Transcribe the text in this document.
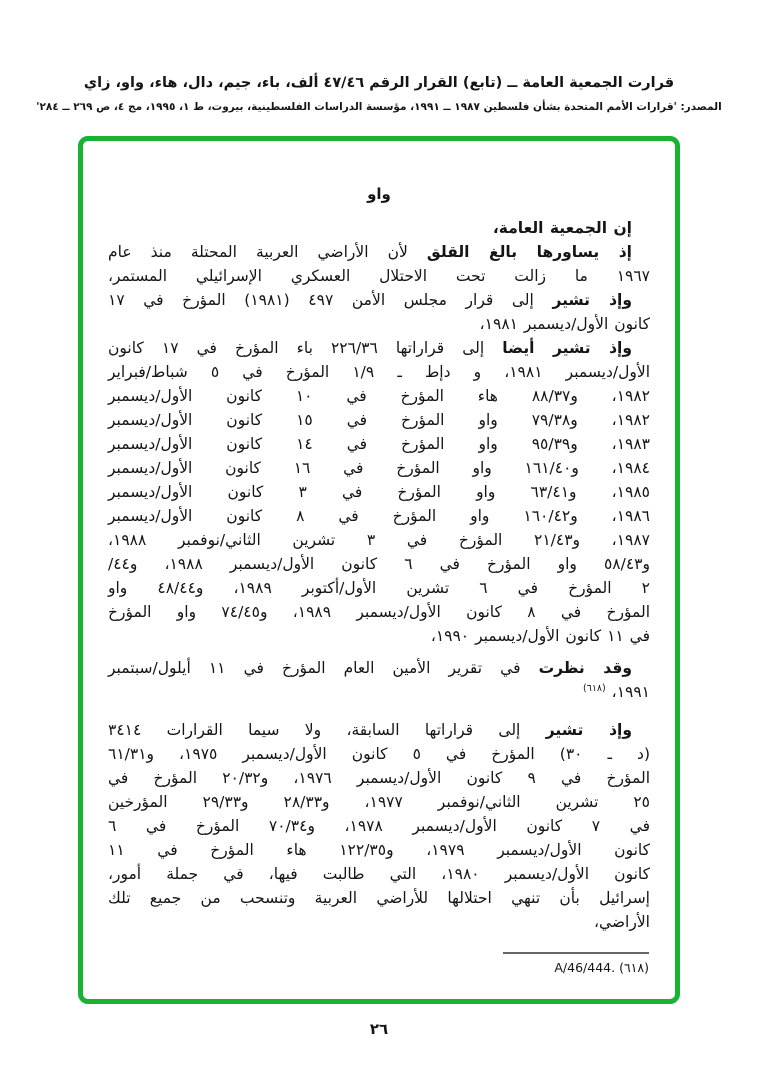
قرارت الجمعية العامة ــ (تابع) القرار الرقم ٤٧/٤٦ ألف، باء، جيم، دال، هاء، واو، زاي
المصدر: 'قرارات الأمم المتحدة بشأن فلسطين ١٩٨٧ ــ ١٩٩١، مؤسسة الدراسات الفلسطينية، بيروت، ط ١، ١٩٩٥، مج ٤، ص ٢٦٩ ــ ٢٨٤'
واو
إن الجمعية العامة،
إذ يساورها بالغ القلق لأن الأراضي العربية المحتلة منذ عام
١٩٦٧ ما زالت تحت الاحتلال العسكري الإسرائيلي المستمر،
وإذ تشير إلى قرار مجلس الأمن ٤٩٧ (١٩٨١) المؤرخ في ١٧
كانون الأول/ديسمبر ١٩٨١،
وإذ تشير أيضا إلى قراراتها ٢٢٦/٣٦ باء المؤرخ في ١٧ كانون
الأول/ديسمبر ١٩٨١، و دإط ـ ١/٩ المؤرخ في ٥ شباط/فبراير
١٩٨٢، و٨٨/٣٧ هاء المؤرخ في ١٠ كانون الأول/ديسمبر
١٩٨٢، و٧٩/٣٨ واو المؤرخ في ١٥ كانون الأول/ديسمبر
١٩٨٣، و٩٥/٣٩ واو المؤرخ في ١٤ كانون الأول/ديسمبر
١٩٨٤، و١٦١/٤٠ واو المؤرخ في ١٦ كانون الأول/ديسمبر
١٩٨٥، و٦٣/٤١ واو المؤرخ في ٣ كانون الأول/ديسمبر
١٩٨٦، و١٦٠/٤٢ واو المؤرخ في ٨ كانون الأول/ديسمبر
١٩٨٧، و٢١/٤٣ المؤرخ في ٣ تشرين الثاني/نوفمبر ١٩٨٨،
و٥٨/٤٣ واو المؤرخ في ٦ كانون الأول/ديسمبر ١٩٨٨، و٤٤/
٢ المؤرخ في ٦ تشرين الأول/أكتوبر ١٩٨٩، و٤٨/٤٤ واو
المؤرخ في ٨ كانون الأول/ديسمبر ١٩٨٩، و٧٤/٤٥ واو المؤرخ
في ١١ كانون الأول/ديسمبر ١٩٩٠،
وقد نظرت في تقرير الأمين العام المؤرخ في ١١ أيلول/سبتمبر
١٩٩١، $^{(٦١٨)}$
وإذ تشير إلى قراراتها السابقة، ولا سيما القرارات ٣٤١٤
(د ـ ٣٠) المؤرخ في ٥ كانون الأول/ديسمبر ١٩٧٥، و٦١/٣١
المؤرخ في ٩ كانون الأول/ديسمبر ١٩٧٦، و٢٠/٣٢ المؤرخ في
٢٥ تشرين الثاني/نوفمبر ١٩٧٧، و٢٨/٣٣ و٢٩/٣٣ المؤرخين
في ٧ كانون الأول/ديسمبر ١٩٧٨، و٧٠/٣٤ المؤرخ في ٦
كانون الأول/ديسمبر ١٩٧٩، و١٢٢/٣٥ هاء المؤرخ في ١١
كانون الأول/ديسمبر ١٩٨٠، التي طالبت فيها، في جملة أمور،
إسرائيل بأن تنهي احتلالها للأراضي العربية وتنسحب من جميع تلك
الأراضي،
(٦١٨) A/46/444.
٢٦
